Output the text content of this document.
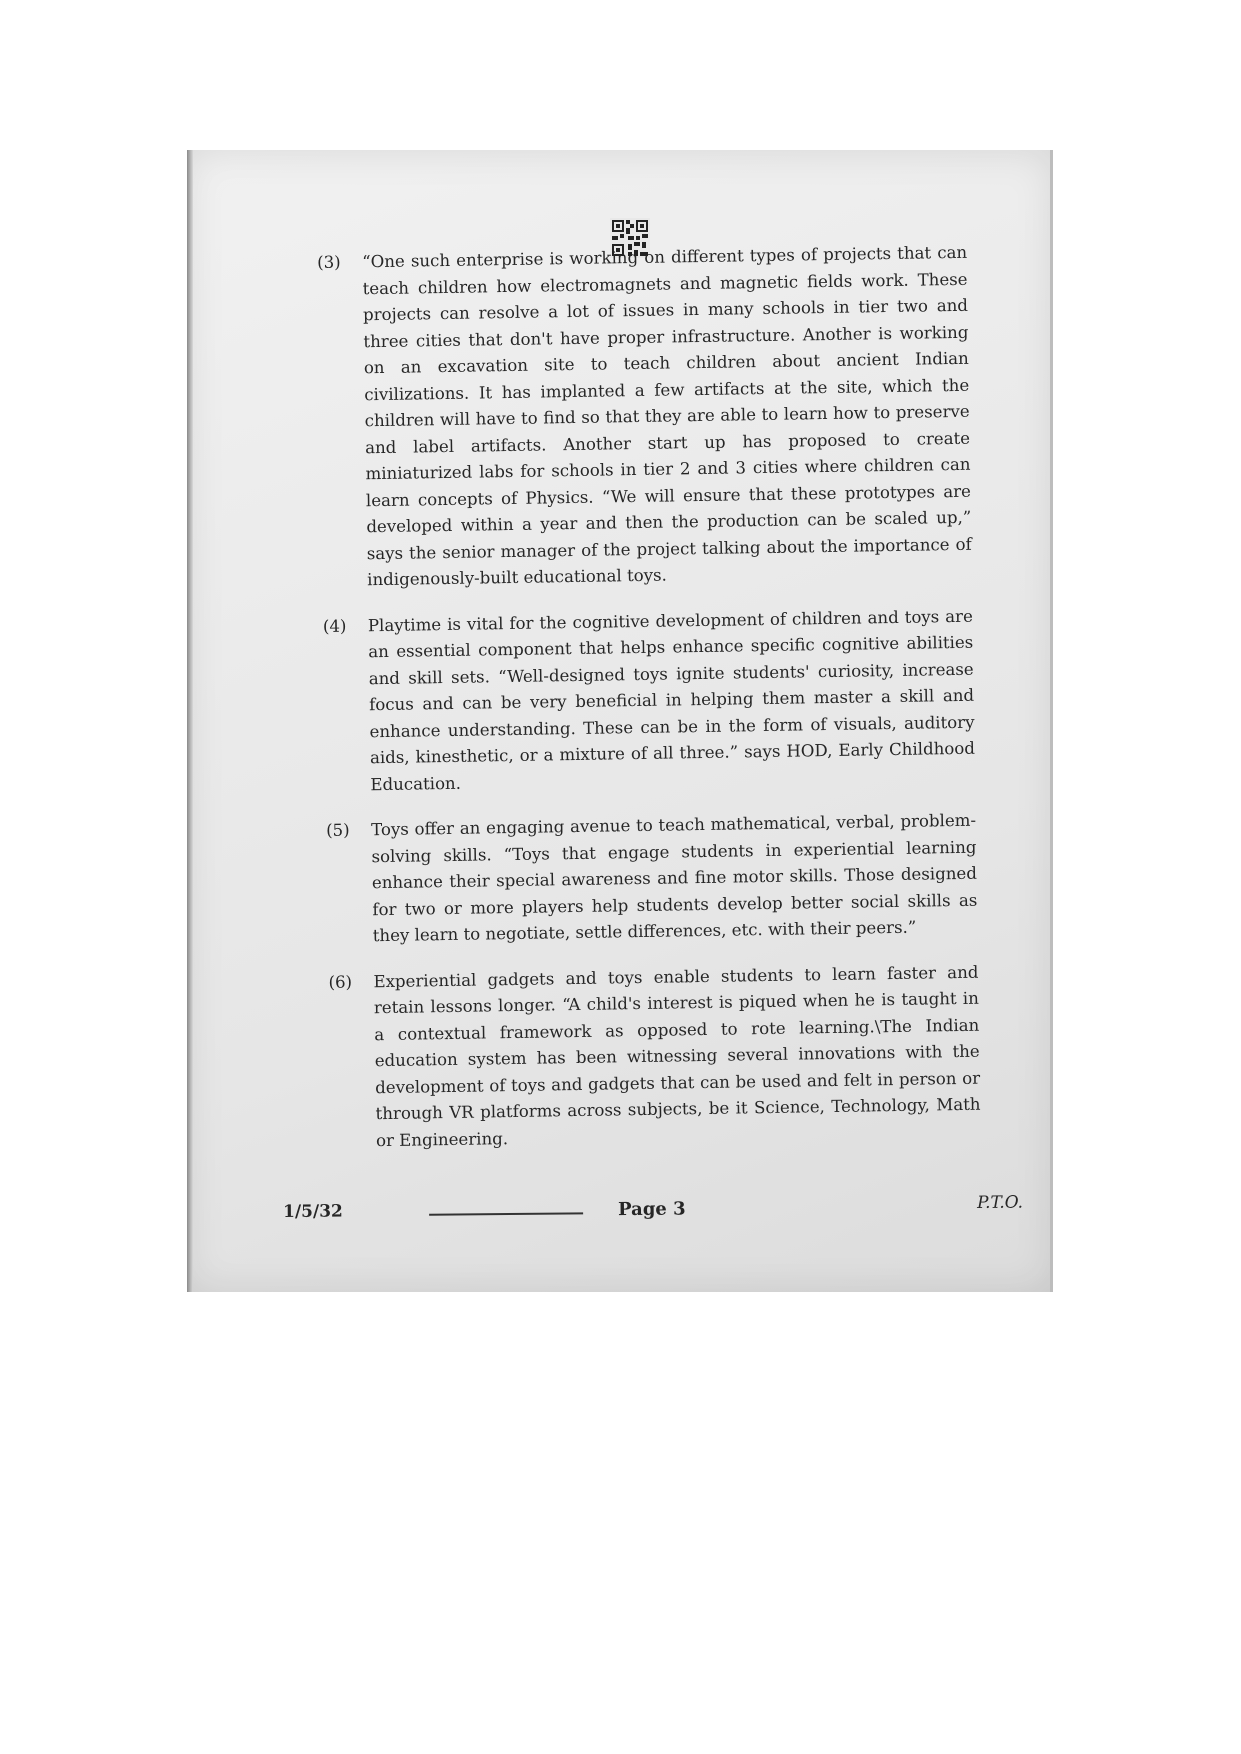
(3) “One such enterprise is working on different types of projects that can teach children how electromagnets and magnetic fields work. These projects can resolve a lot of issues in many schools in tier two and three cities that don't have proper infrastructure. Another is working on an excavation site to teach children about ancient Indian civilizations. It has implanted a few artifacts at the site, which the children will have to find so that they are able to learn how to preserve and label artifacts. Another start up has proposed to create miniaturized labs for schools in tier 2 and 3 cities where children can learn concepts of Physics. “We will ensure that these prototypes are developed within a year and then the production can be scaled up,” says the senior manager of the project talking about the importance of indigenously-built educational toys.
(4) Playtime is vital for the cognitive development of children and toys are an essential component that helps enhance specific cognitive abilities and skill sets. “Well-designed toys ignite students' curiosity, increase focus and can be very beneficial in helping them master a skill and enhance understanding. These can be in the form of visuals, auditory aids, kinesthetic, or a mixture of all three.” says HOD, Early Childhood Education.
(5) Toys offer an engaging avenue to teach mathematical, verbal, problem-solving skills. “Toys that engage students in experiential learning enhance their special awareness and fine motor skills. Those designed for two or more players help students develop better social skills as they learn to negotiate, settle differences, etc. with their peers.”
(6) Experiential gadgets and toys enable students to learn faster and retain lessons longer. “A child's interest is piqued when he is taught in a contextual framework as opposed to rote learning.\The Indian education system has been witnessing several innovations with the development of toys and gadgets that can be used and felt in person or through VR platforms across subjects, be it Science, Technology, Math or Engineering.
1/5/32	Page 3	P.T.O.
